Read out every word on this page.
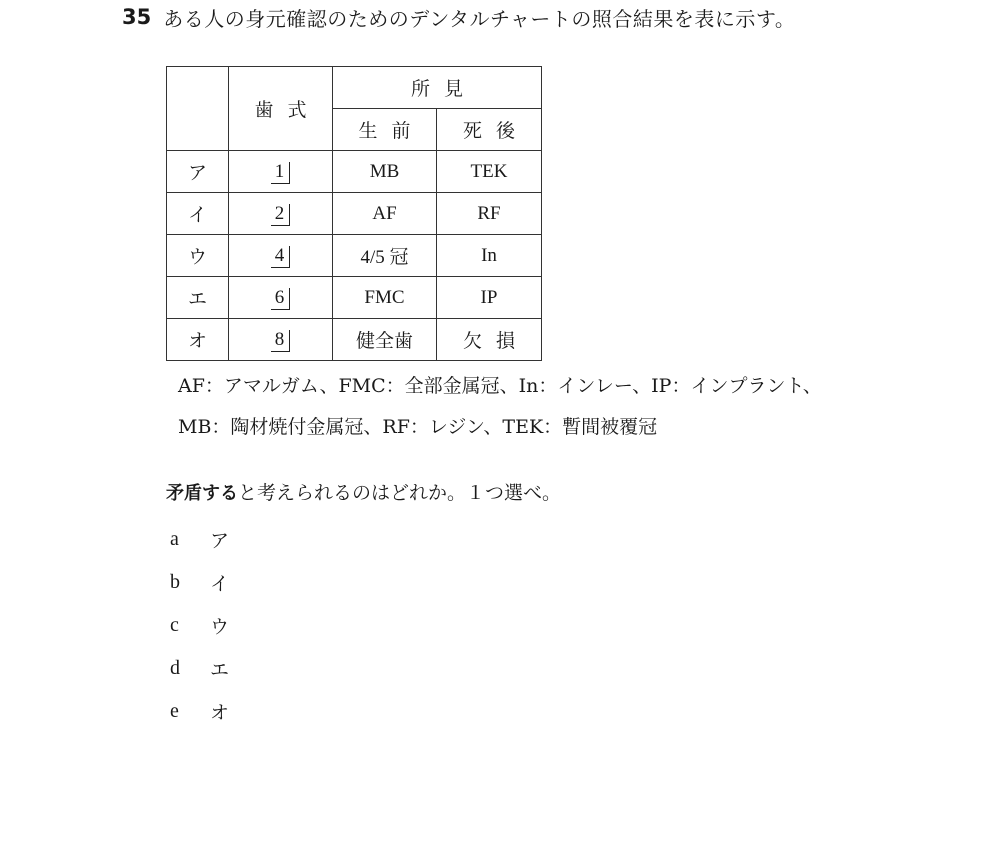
35 ある人の身元確認のためのデンタルチャートの照合結果を表に示す。
	歯式	所見	
		生前	死後
ア	1	MB	TEK
イ	2	AF	RF
ウ	4	4/5 冠	In
エ	6	FMC	IP
オ	8	健全歯	欠損
AF：アマルガム、FMC：全部金属冠、In：インレー、IP：インプラント、
MB：陶材焼付金属冠、RF：レジン、TEK：暫間被覆冠
矛盾すると考えられるのはどれか。１つ選べ。
a	ア
b	イ
c	ウ
d	エ
e	オ
